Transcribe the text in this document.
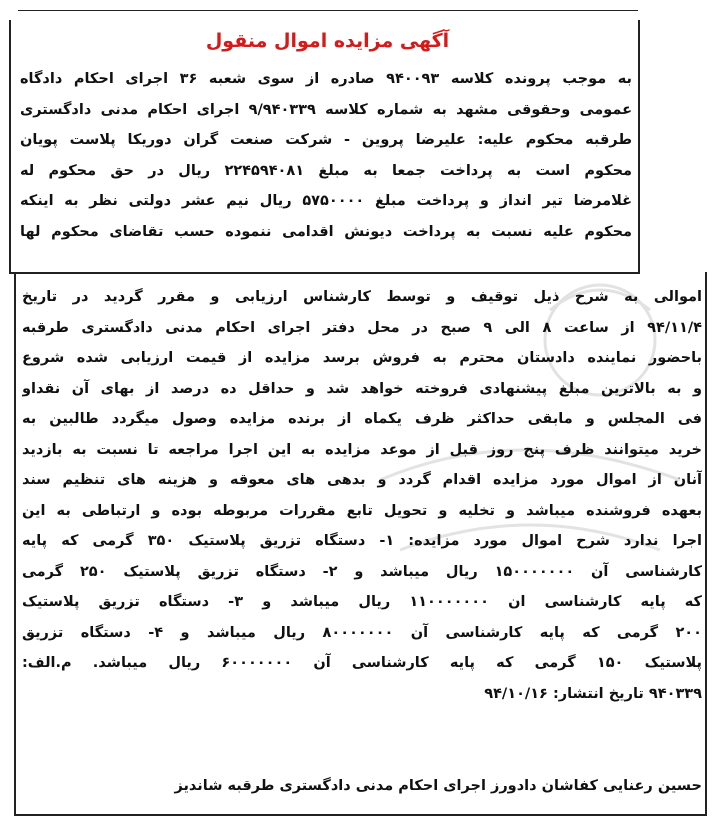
آگهی مزایده اموال منقول
به موجب پرونده کلاسه ۹۴۰۰۹۳ صادره از سوی شعبه ۳۶ اجرای احکام دادگاه
عمومی وحقوقی مشهد به شماره کلاسه ۹/۹۴۰۳۳۹ اجرای احکام مدنی دادگستری
طرقبه محکوم علیه: علیرضا پروین - شرکت صنعت گران دوریکا پلاست پویان
محکوم است به پرداخت جمعا به مبلغ ۲۲۴۵۹۴۰۸۱ ریال در حق محکوم له
غلامرضا تیر انداز و پرداخت مبلغ ۵۷۵۰۰۰۰ ریال نیم عشر دولتی نظر به اینکه
محکوم علیه نسبت به پرداخت دیونش اقدامی ننموده حسب تقاضای محکوم لها
اموالی به شرح ذیل توقیف و توسط کارشناس ارزیابی و مقرر گردید در تاریخ
۹۴/۱۱/۴ از ساعت ۸ الی ۹ صبح در محل دفتر اجرای احکام مدنی دادگستری طرقبه
باحضور نماینده دادستان محترم به فروش برسد مزایده از قیمت ارزیابی شده شروع
و به بالاترین مبلغ پیشنهادی فروخته خواهد شد و حداقل ده درصد از بهای آن نقداو
فی المجلس و مابقی حداکثر ظرف یکماه از برنده مزایده وصول میگردد طالبین به
خرید میتوانند ظرف پنج روز قبل از موعد مزایده به این اجرا مراجعه تا نسبت به بازدید
آنان از اموال مورد مزایده اقدام گردد و بدهی های معوقه و هزینه های تنظیم سند
بعهده فروشنده میباشد و تخلیه و تحویل تابع مقررات مربوطه بوده و ارتباطی به این
اجرا ندارد شرح اموال مورد مزایده: ۱- دستگاه تزریق پلاستیک ۳۵۰ گرمی که پایه
کارشناسی آن ۱۵۰۰۰۰۰۰۰ ریال میباشد و ۲- دستگاه تزریق پلاستیک ۲۵۰ گرمی
که پایه کارشناسی ان ۱۱۰۰۰۰۰۰۰ ریال میباشد و ۳- دستگاه تزریق پلاستیک
۲۰۰ گرمی که پایه کارشناسی آن ۸۰۰۰۰۰۰۰ ریال میباشد و ۴- دستگاه تزریق
پلاستیک ۱۵۰ گرمی که پایه کارشناسی آن ۶۰۰۰۰۰۰۰ ریال میباشد. م.الف:
۹۴۰۳۳۹ تاریخ انتشار: ۹۴/۱۰/۱۶
حسین رعنایی کفاشان دادورز اجرای احکام مدنی دادگستری طرقبه شاندیز
